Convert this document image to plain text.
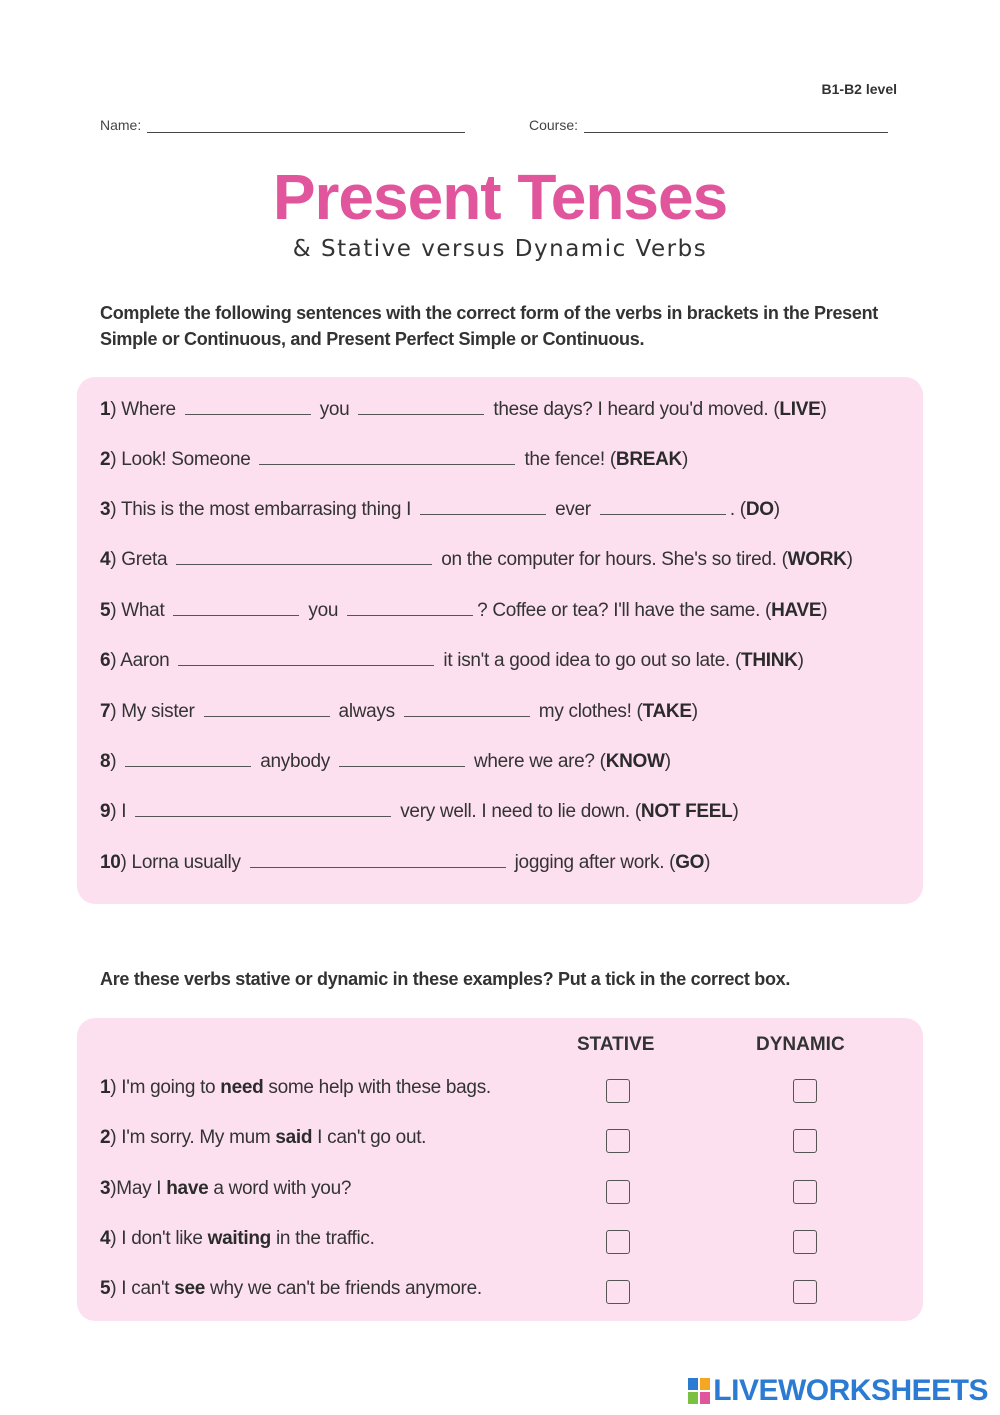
B1-B2 level
Name:	Course:
Present Tenses
& Stative versus Dynamic Verbs
Complete the following sentences with the correct form of the verbs in brackets in the Present Simple or Continuous, and Present Perfect Simple or Continuous.
1) Where	you	these days? I heard you'd moved. (LIVE)
2) Look! Someone	the fence! (BREAK)
3) This is the most embarrasing thing I	ever	. (DO)
4) Greta	on the computer for hours. She's so tired. (WORK)
5) What	you	? Coffee or tea? I'll have the same. (HAVE)
6) Aaron	it isn't a good idea to go out so late. (THINK)
7) My sister	always	my clothes! (TAKE)
8)	anybody	where we are? (KNOW)
9) I	very well. I need to lie down. (NOT FEEL)
10) Lorna usually	jogging after work. (GO)
Are these verbs stative or dynamic in these examples? Put a tick in the correct box.
STATIVE	DYNAMIC
1) I'm going to need some help with these bags.
2) I'm sorry. My mum said I can't go out.
3)May I have a word with you?
4) I don't like waiting in the traffic.
5) I can't see why we can't be friends anymore.
LIVEWORKSHEETS
